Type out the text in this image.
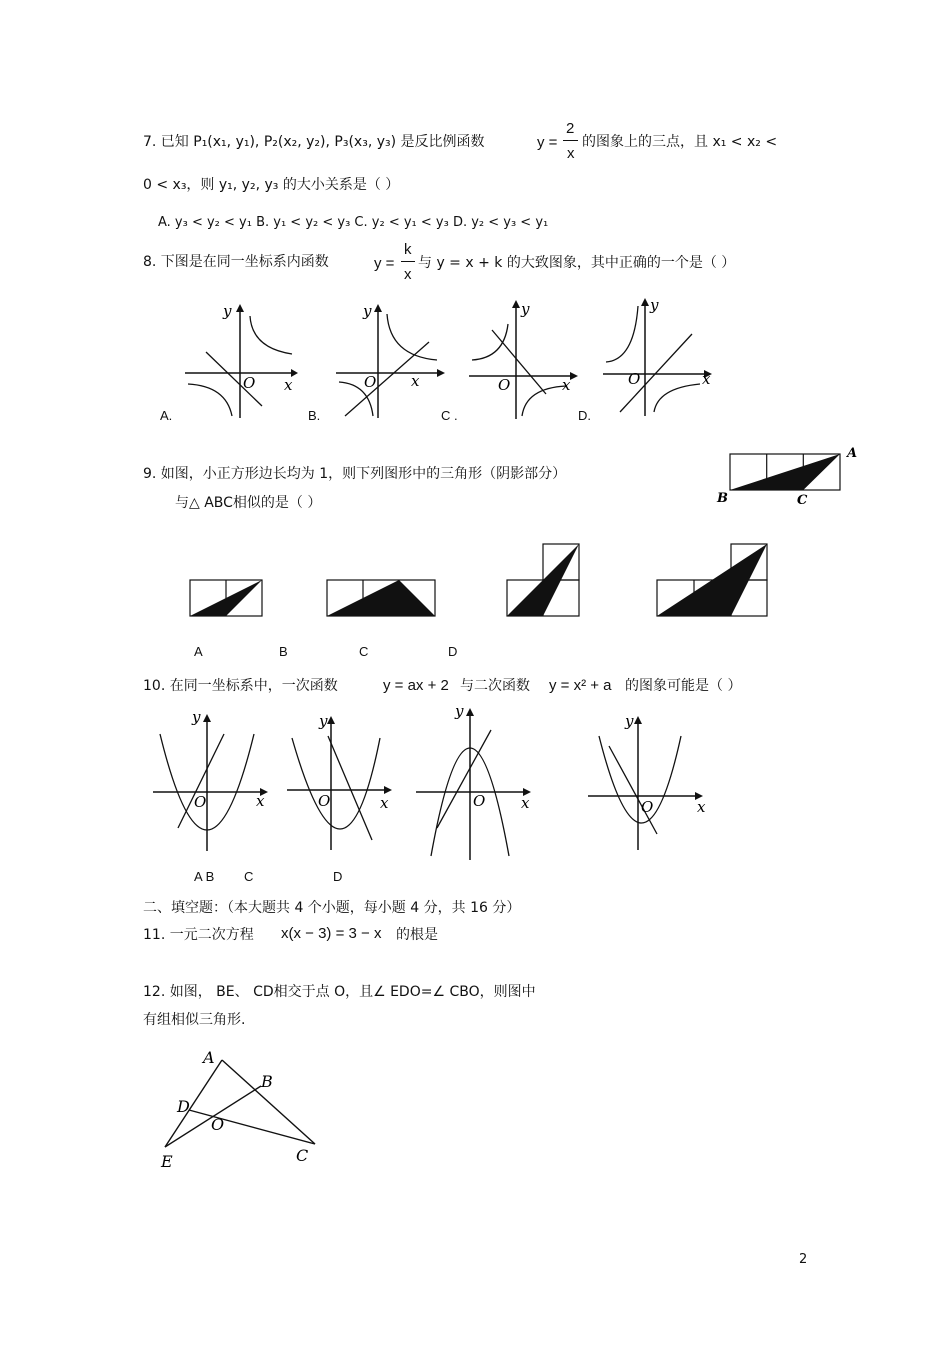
7. 已知 P₁(x₁, y₁), P₂(x₂, y₂), P₃(x₃, y₃) 是反比例函数	y =
2
x
的图象上的三点，且 x₁ < x₂ <
0 < x₃，则 y₁, y₂, y₃ 的大小关系是（ ）
A. y₃ < y₂ < y₁ B. y₁ < y₂ < y₃ C. y₂ < y₁ < y₃ D. y₂ < y₃ < y₁
8. 下图是在同一坐标系内函数	y =
k
x
与 y = x + k 的大致图象，其中正确的一个是（ ）
y
x
O
A.
y
x
O
B.
y
x
O
C .
y
x
O
D.
9. 如图，小正方形边长均为 1，则下列图形中的三角形（阴影部分）
与△ ABC相似的是（ ）
A
B	C
A	B	C	D
10. 在同一坐标系中，一次函数	y = ax + 2 与二次函数 y = x² + a 的图象可能是（ ）
y
x
O
y
x
O
y
x
O
y
x
O
A B C	D
二、填空题：（本大题共 4 个小题，每小题 4 分，共 16 分）
11. 一元二次方程 x(x − 3) = 3 − x 的根是
12. 如图， BE、 CD相交于点 O，且∠ EDO=∠ CBO，则图中
有组相似三角形.
A
B
C
D
E
O
2
